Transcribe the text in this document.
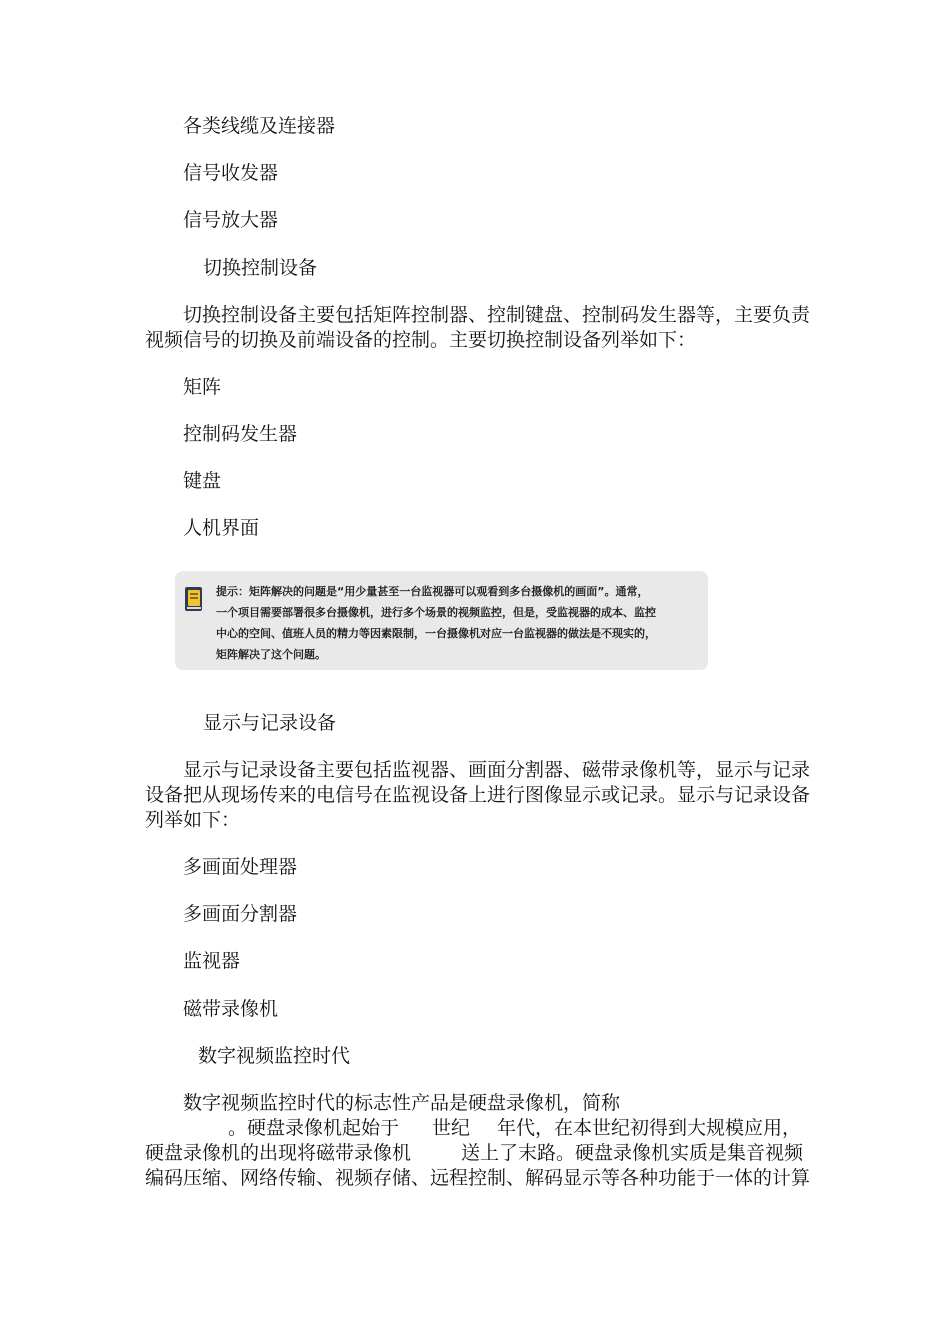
各类线缆及连接器

信号收发器

信号放大器

切换控制设备

切换控制设备主要包括矩阵控制器、控制键盘、控制码发生器等，主要负责

视频信号的切换及前端设备的控制。主要切换控制设备列举如下：

矩阵

控制码发生器

键盘

人机界面

提示：矩阵解决的问题是“用少量甚至一台监视器可以观看到多台摄像机的画面”。通常，
一个项目需要部署很多台摄像机，进行多个场景的视频监控，但是，受监视器的成本、监控
中心的空间、值班人员的精力等因素限制，一台摄像机对应一台监视器的做法是不现实的，
矩阵解决了这个问题。

显示与记录设备

显示与记录设备主要包括监视器、画面分割器、磁带录像机等，显示与记录

设备把从现场传来的电信号在监视设备上进行图像显示或记录。显示与记录设备

列举如下：

多画面处理器

多画面分割器

监视器

磁带录像机

数字视频监控时代

数字视频监控时代的标志性产品是硬盘录像机，简称

。硬盘录像机起始于 世纪 年代，在本世纪初得到大规模应用，
硬盘录像机的出现将磁带录像机	送上了末路。硬盘录像机实质是集音视频

编码压缩、网络传输、视频存储、远程控制、解码显示等各种功能于一体的计算
